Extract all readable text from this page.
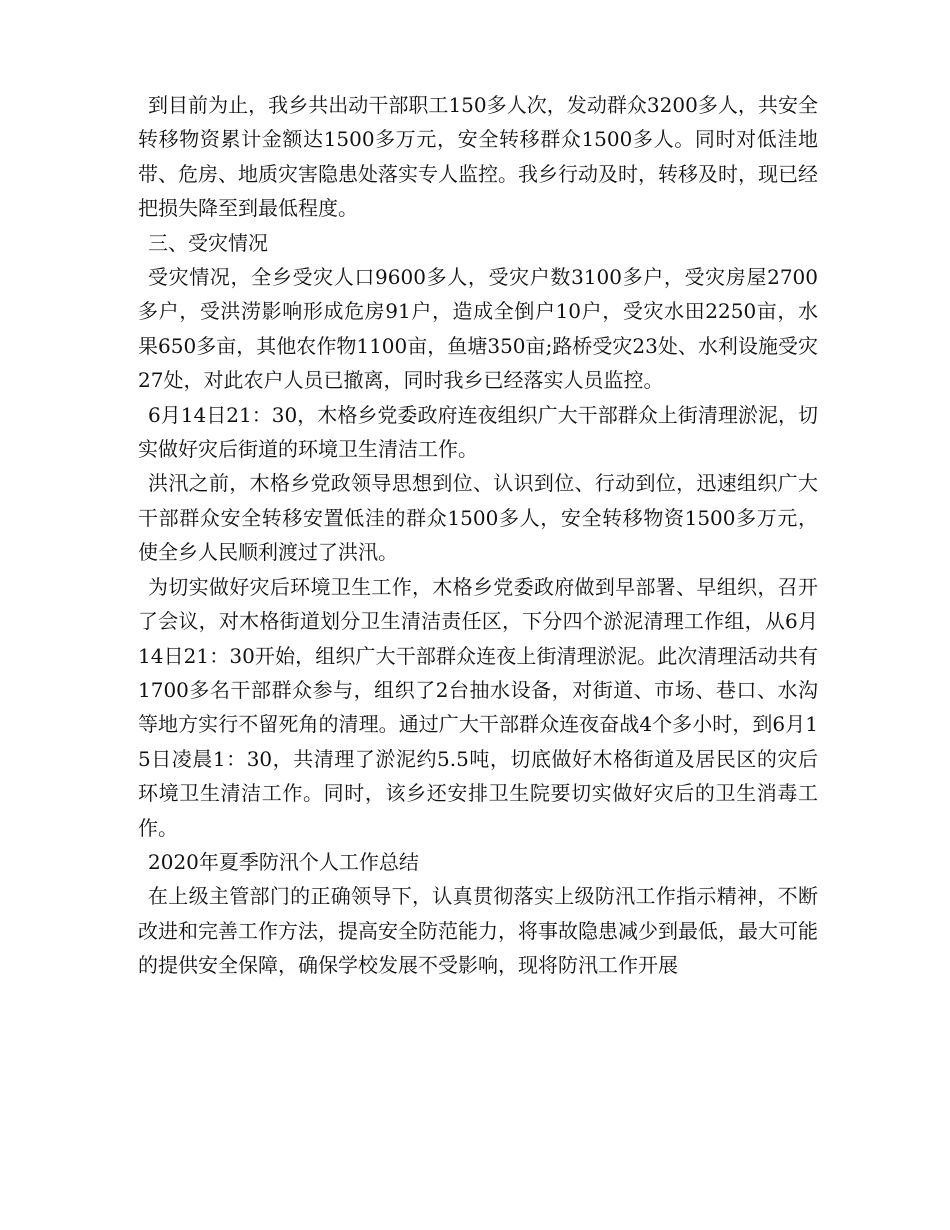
到目前为止，我乡共出动干部职工150多人次，发动群众3200多人，共安全转移物资累计金额达1500多万元，安全转移群众1500多人。同时对低洼地带、危房、地质灾害隐患处落实专人监控。我乡行动及时，转移及时，现已经把损失降至到最低程度。

三、受灾情况

受灾情况，全乡受灾人口9600多人，受灾户数3100多户，受灾房屋2700多户，受洪涝影响形成危房91户，造成全倒户10户，受灾水田2250亩，水果650多亩，其他农作物1100亩，鱼塘350亩;路桥受灾23处、水利设施受灾27处，对此农户人员已撤离，同时我乡已经落实人员监控。

6月14日21：30，木格乡党委政府连夜组织广大干部群众上街清理淤泥，切实做好灾后街道的环境卫生清洁工作。

洪汛之前，木格乡党政领导思想到位、认识到位、行动到位，迅速组织广大干部群众安全转移安置低洼的群众1500多人，安全转移物资1500多万元，使全乡人民顺利渡过了洪汛。

为切实做好灾后环境卫生工作，木格乡党委政府做到早部署、早组织，召开了会议，对木格街道划分卫生清洁责任区，下分四个淤泥清理工作组，从6月14日21：30开始，组织广大干部群众连夜上街清理淤泥。此次清理活动共有1700多名干部群众参与，组织了2台抽水设备，对街道、市场、巷口、水沟等地方实行不留死角的清理。通过广大干部群众连夜奋战4个多小时，到6月15日凌晨1：30，共清理了淤泥约5.5吨，切底做好木格街道及居民区的灾后环境卫生清洁工作。同时，该乡还安排卫生院要切实做好灾后的卫生消毒工作。

2020年夏季防汛个人工作总结

在上级主管部门的正确领导下，认真贯彻落实上级防汛工作指示精神，不断改进和完善工作方法，提高安全防范能力，将事故隐患减少到最低，最大可能的提供安全保障，确保学校发展不受影响，现将防汛工作开展
